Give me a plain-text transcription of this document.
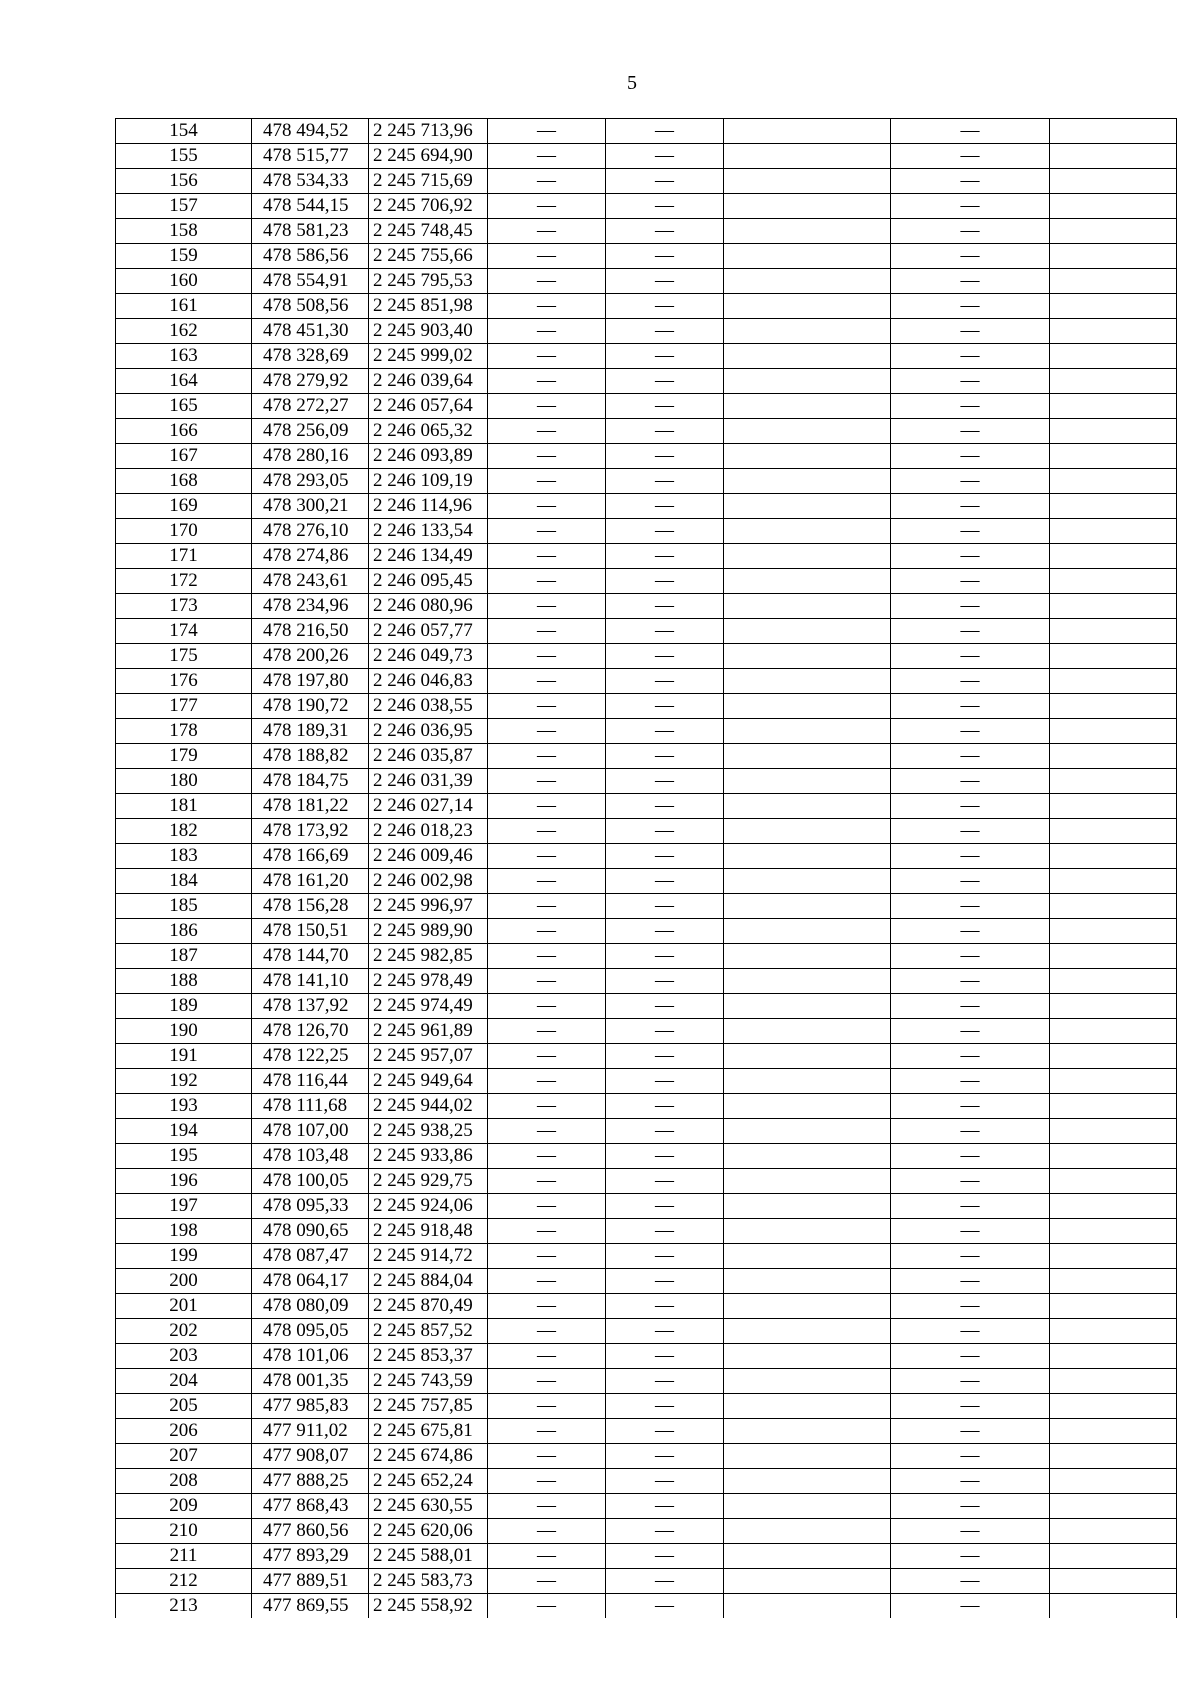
5
154	478 494,52	2 245 713,96	—	—		—	
155	478 515,77	2 245 694,90	—	—		—	
156	478 534,33	2 245 715,69	—	—		—	
157	478 544,15	2 245 706,92	—	—		—	
158	478 581,23	2 245 748,45	—	—		—	
159	478 586,56	2 245 755,66	—	—		—	
160	478 554,91	2 245 795,53	—	—		—	
161	478 508,56	2 245 851,98	—	—		—	
162	478 451,30	2 245 903,40	—	—		—	
163	478 328,69	2 245 999,02	—	—		—	
164	478 279,92	2 246 039,64	—	—		—	
165	478 272,27	2 246 057,64	—	—		—	
166	478 256,09	2 246 065,32	—	—		—	
167	478 280,16	2 246 093,89	—	—		—	
168	478 293,05	2 246 109,19	—	—		—	
169	478 300,21	2 246 114,96	—	—		—	
170	478 276,10	2 246 133,54	—	—		—	
171	478 274,86	2 246 134,49	—	—		—	
172	478 243,61	2 246 095,45	—	—		—	
173	478 234,96	2 246 080,96	—	—		—	
174	478 216,50	2 246 057,77	—	—		—	
175	478 200,26	2 246 049,73	—	—		—	
176	478 197,80	2 246 046,83	—	—		—	
177	478 190,72	2 246 038,55	—	—		—	
178	478 189,31	2 246 036,95	—	—		—	
179	478 188,82	2 246 035,87	—	—		—	
180	478 184,75	2 246 031,39	—	—		—	
181	478 181,22	2 246 027,14	—	—		—	
182	478 173,92	2 246 018,23	—	—		—	
183	478 166,69	2 246 009,46	—	—		—	
184	478 161,20	2 246 002,98	—	—		—	
185	478 156,28	2 245 996,97	—	—		—	
186	478 150,51	2 245 989,90	—	—		—	
187	478 144,70	2 245 982,85	—	—		—	
188	478 141,10	2 245 978,49	—	—		—	
189	478 137,92	2 245 974,49	—	—		—	
190	478 126,70	2 245 961,89	—	—		—	
191	478 122,25	2 245 957,07	—	—		—	
192	478 116,44	2 245 949,64	—	—		—	
193	478 111,68	2 245 944,02	—	—		—	
194	478 107,00	2 245 938,25	—	—		—	
195	478 103,48	2 245 933,86	—	—		—	
196	478 100,05	2 245 929,75	—	—		—	
197	478 095,33	2 245 924,06	—	—		—	
198	478 090,65	2 245 918,48	—	—		—	
199	478 087,47	2 245 914,72	—	—		—	
200	478 064,17	2 245 884,04	—	—		—	
201	478 080,09	2 245 870,49	—	—		—	
202	478 095,05	2 245 857,52	—	—		—	
203	478 101,06	2 245 853,37	—	—		—	
204	478 001,35	2 245 743,59	—	—		—	
205	477 985,83	2 245 757,85	—	—		—	
206	477 911,02	2 245 675,81	—	—		—	
207	477 908,07	2 245 674,86	—	—		—	
208	477 888,25	2 245 652,24	—	—		—	
209	477 868,43	2 245 630,55	—	—		—	
210	477 860,56	2 245 620,06	—	—		—	
211	477 893,29	2 245 588,01	—	—		—	
212	477 889,51	2 245 583,73	—	—		—	
213	477 869,55	2 245 558,92	—	—		—	
